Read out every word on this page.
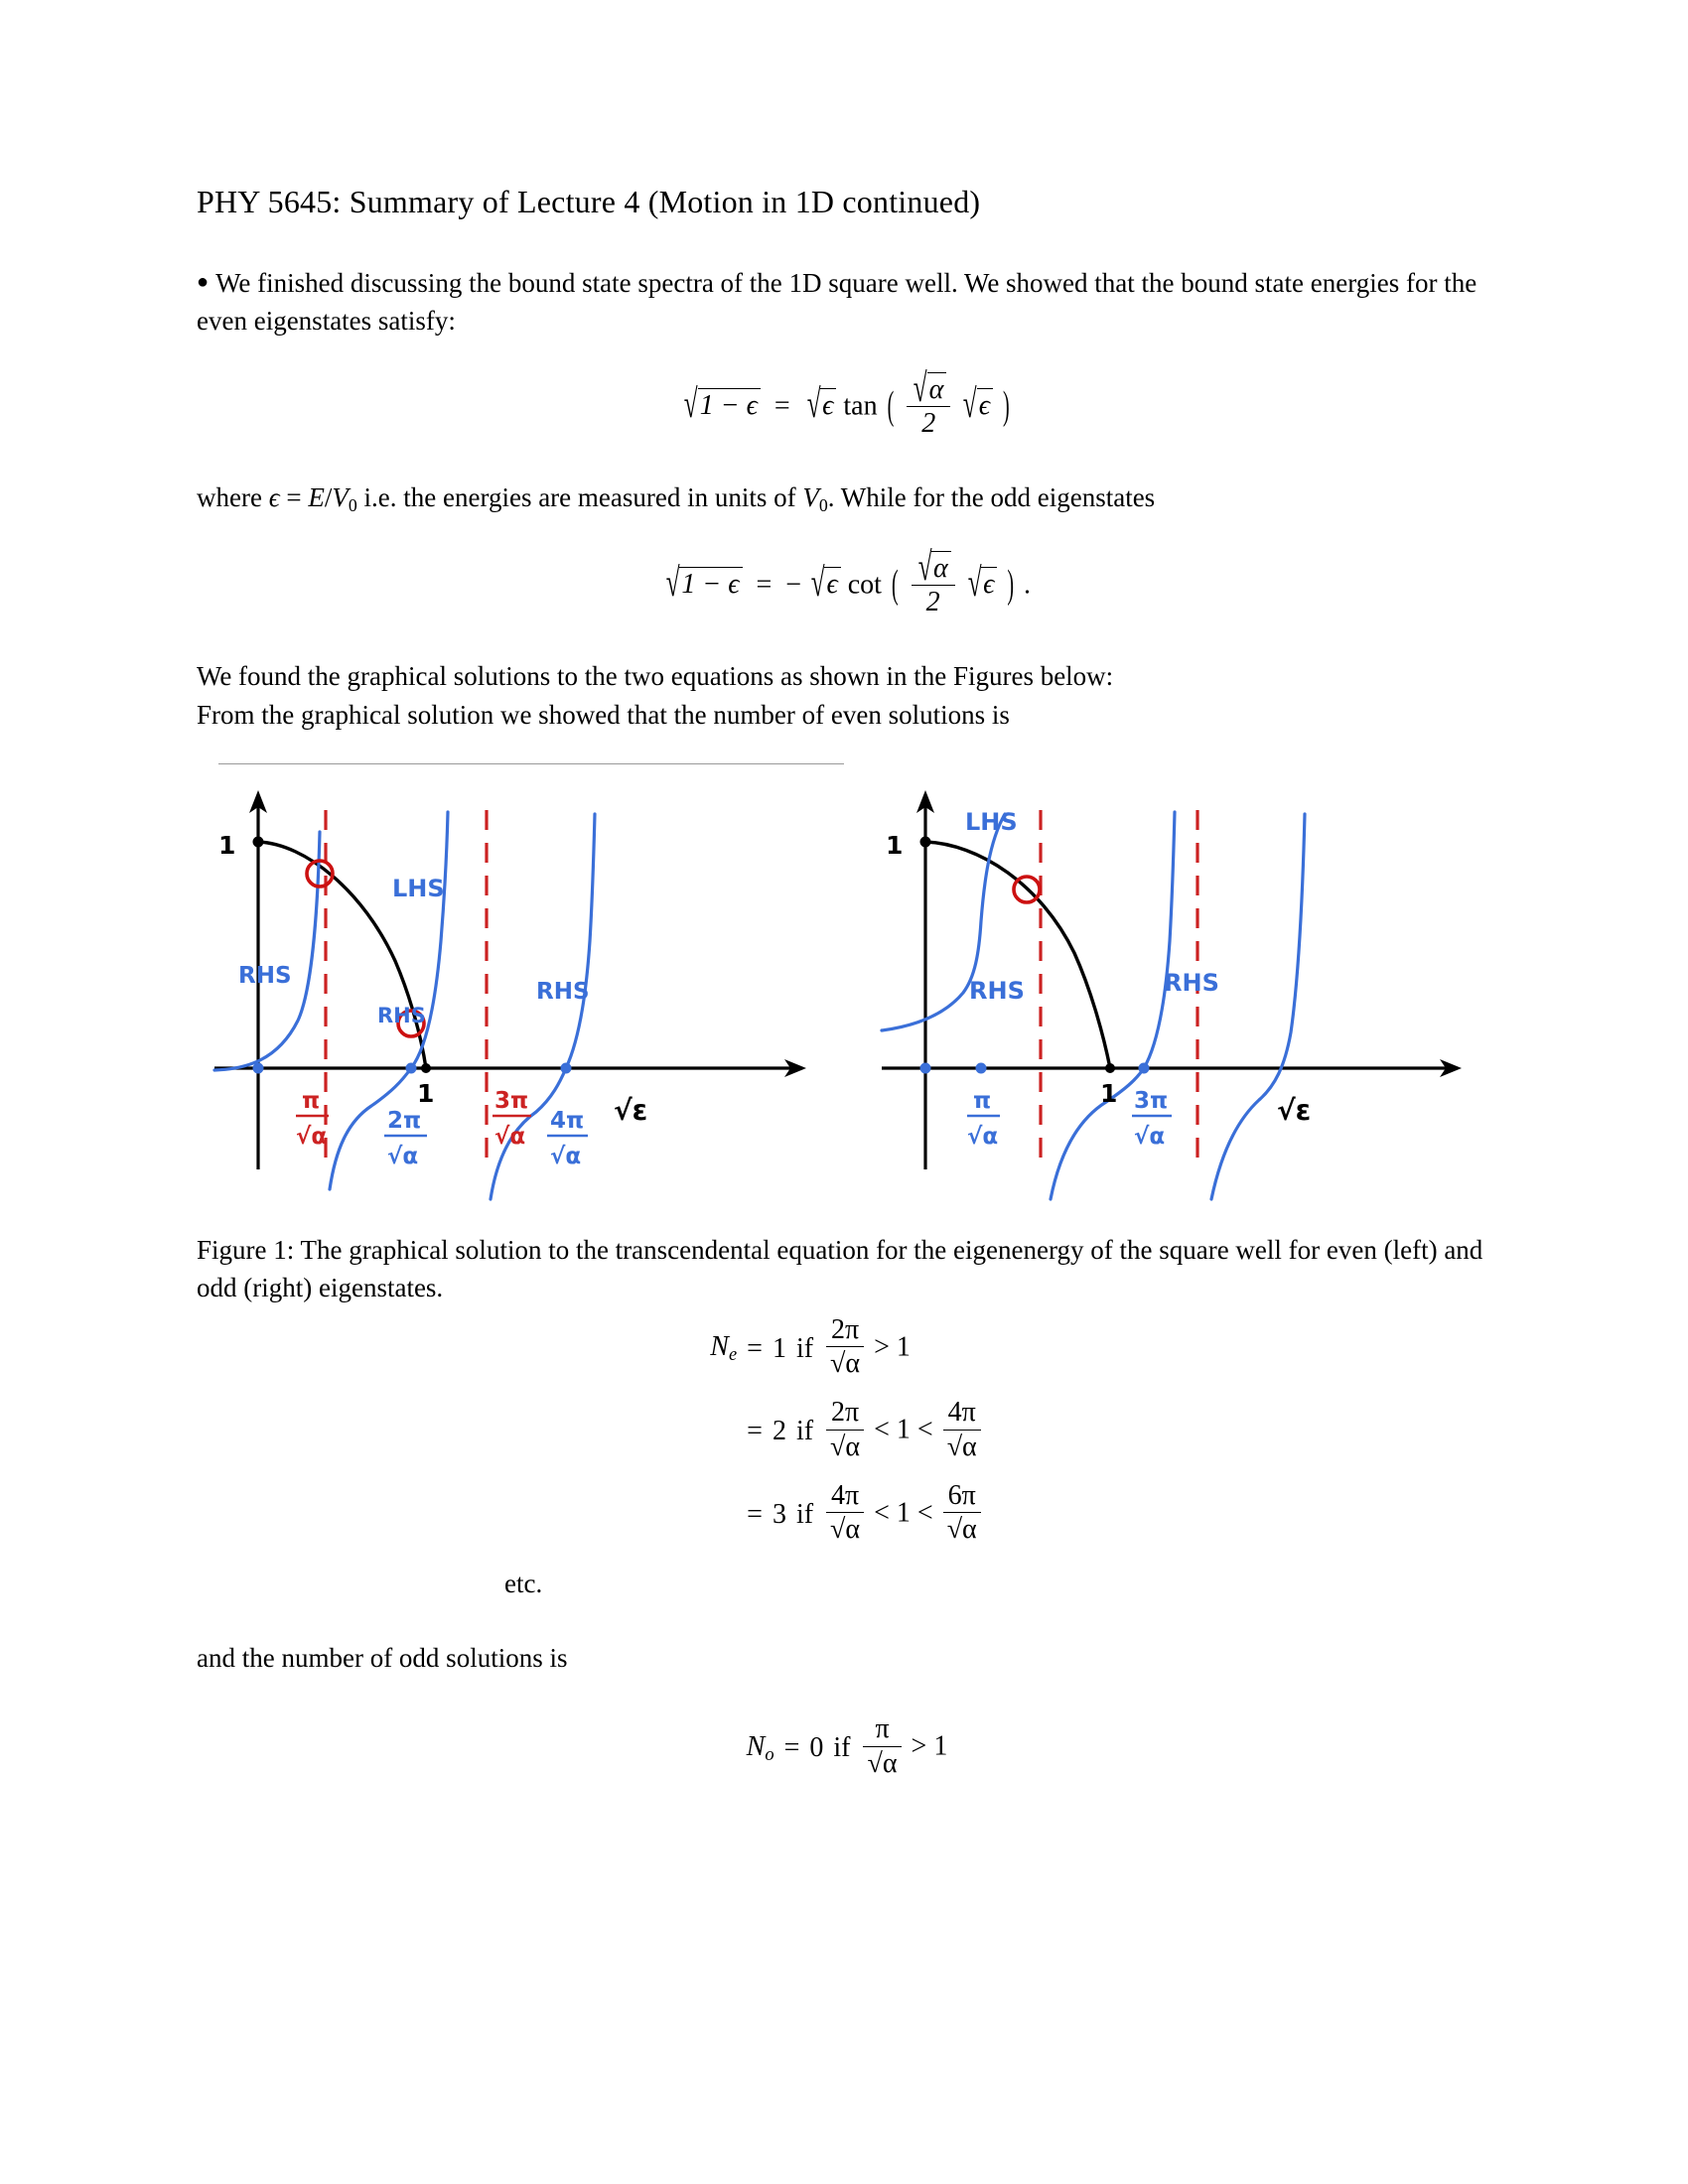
PHY 5645: Summary of Lecture 4 (Motion in 1D continued)

● We finished discussing the bound state spectra of the 1D square well. We showed that the bound state energies for the even eigenstates satisfy:

√1 − ϵ  =  √ϵ tan ( $\frac{√\alpha}{2} √\epsilon$ )

where ϵ = E/V0 i.e. the energies are measured in units of V0. While for the odd eigenstates

√1 − ϵ  =  − √ϵ cot ( $\frac{√\alpha}{2} √\epsilon$ ) .

We found the graphical solutions to the two equations as shown in the Figures below:
From the graphical solution we showed that the number of even solutions is

1
LHS
RHS
RHS
RHS
π
√α
2π
√α
1	3π
√α
4π
√α
√ε
1
LHS
RHS	RHS
π
√α
1 3π
√α
√ε

Figure 1: The graphical solution to the transcendental equation for the eigenenergy of the square well for even (left) and odd (right) eigenstates.

$N_e$	=	1	if	$\frac{2\pi}{√\alpha} > 1$
	=	2	if	$\frac{2\pi}{√\alpha} < 1 < \frac{4\pi}{√\alpha}$

	=	3	if	$\frac{4\pi}{√\alpha} < 1 < \frac{6\pi}{√\alpha}$

etc.

and the number of odd solutions is

$N_o$	=	0	if	$\frac{\pi}{√\alpha} > 1$
